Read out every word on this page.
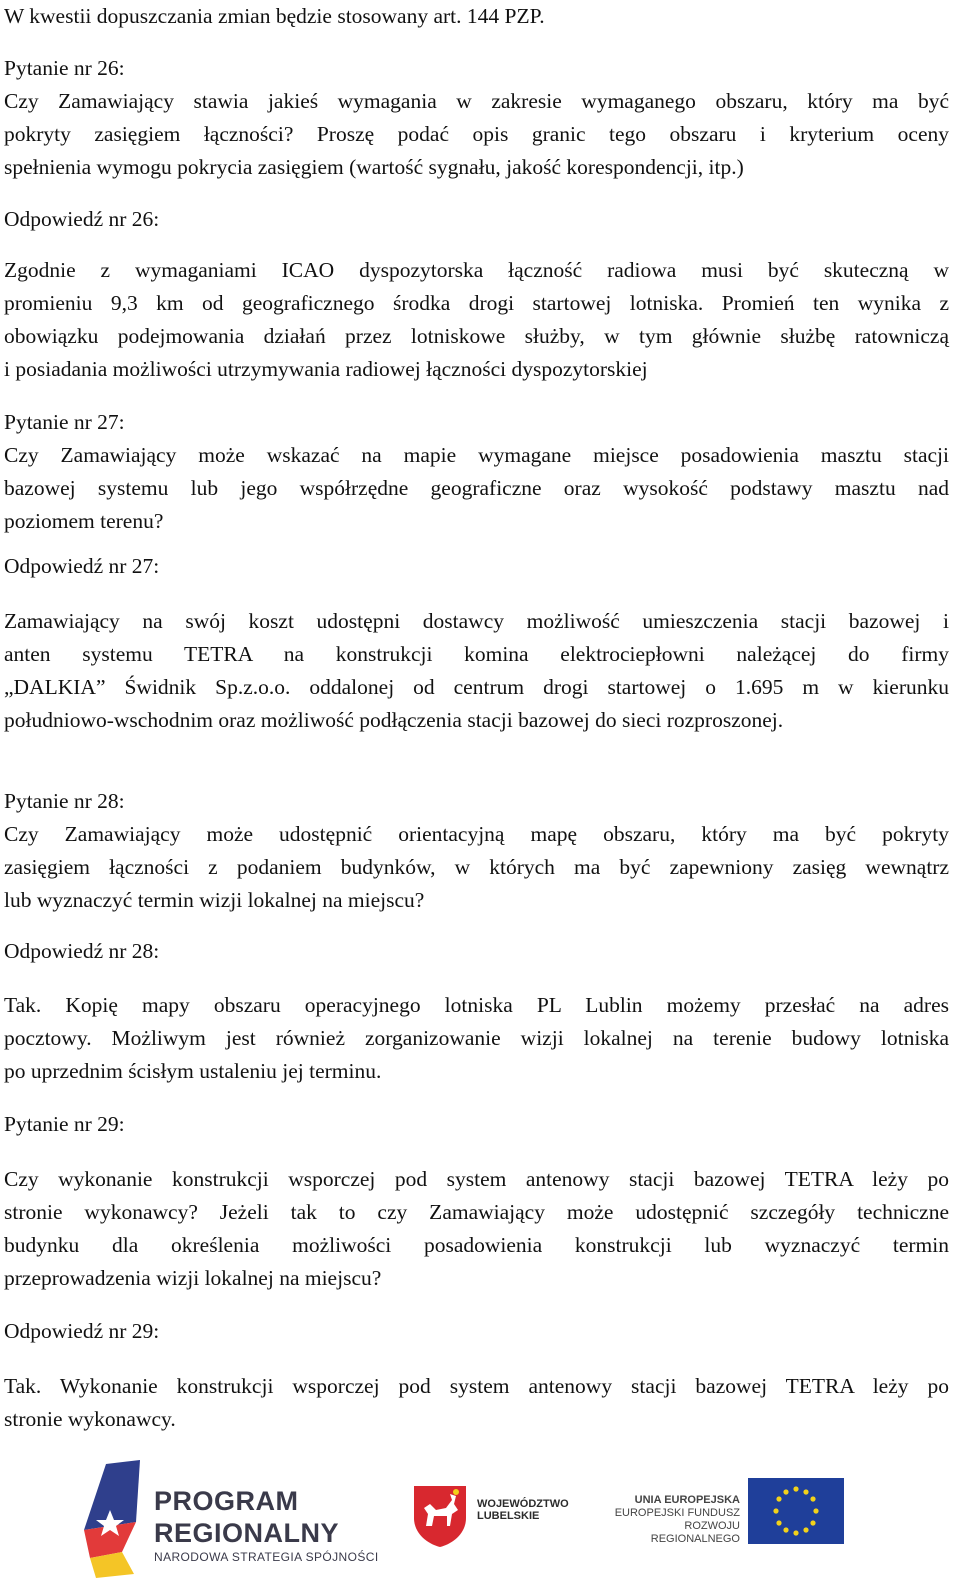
W kwestii dopuszczania zmian będzie stosowany art. 144 PZP.

Pytanie nr 26:
Czy Zamawiający stawia jakieś wymagania w zakresie wymaganego obszaru, który ma być
pokryty zasięgiem łączności? Proszę podać opis granic tego obszaru i kryterium oceny
spełnienia wymogu pokrycia zasięgiem (wartość sygnału, jakość korespondencji, itp.)

Odpowiedź nr 26:

Zgodnie z wymaganiami ICAO dyspozytorska łączność radiowa musi być skuteczną w
promieniu 9,3 km od geograficznego środka drogi startowej lotniska. Promień ten wynika z
obowiązku podejmowania działań przez lotniskowe służby, w tym głównie służbę ratowniczą
i posiadania możliwości utrzymywania radiowej łączności dyspozytorskiej

Pytanie nr 27:
Czy Zamawiający może wskazać na mapie wymagane miejsce posadowienia masztu stacji
bazowej systemu lub jego współrzędne geograficzne oraz wysokość podstawy masztu nad
poziomem terenu?

Odpowiedź nr 27:

Zamawiający na swój koszt udostępni dostawcy możliwość umieszczenia stacji bazowej i
anten systemu TETRA na konstrukcji komina elektrociepłowni należącej do firmy
„DALKIA” Świdnik Sp.z.o.o. oddalonej od centrum drogi startowej o 1.695 m w kierunku
południowo-wschodnim oraz możliwość podłączenia stacji bazowej do sieci rozproszonej.

Pytanie nr 28:
Czy Zamawiający może udostępnić orientacyjną mapę obszaru, który ma być pokryty
zasięgiem łączności z podaniem budynków, w których ma być zapewniony zasięg wewnątrz
lub wyznaczyć termin wizji lokalnej na miejscu?

Odpowiedź nr 28:

Tak. Kopię mapy obszaru operacyjnego lotniska PL Lublin możemy przesłać na adres
pocztowy. Możliwym jest również zorganizowanie wizji lokalnej na terenie budowy lotniska
po uprzednim ścisłym ustaleniu jej terminu.

Pytanie nr 29:

Czy wykonanie konstrukcji wsporczej pod system antenowy stacji bazowej TETRA leży po
stronie wykonawcy? Jeżeli tak to czy Zamawiający może udostępnić szczegóły techniczne
budynku dla określenia możliwości posadowienia konstrukcji lub wyznaczyć termin
przeprowadzenia wizji lokalnej na miejscu?

Odpowiedź nr 29:

Tak. Wykonanie konstrukcji wsporczej pod system antenowy stacji bazowej TETRA leży po
stronie wykonawcy.

PROGRAM
REGIONALNY
NARODOWA STRATEGIA SPÓJNOŚCI
WOJEWÓDZTWO
LUBELSKIE
UNIA EUROPEJSKA
EUROPEJSKI FUNDUSZ
ROZWOJU REGIONALNEGO
